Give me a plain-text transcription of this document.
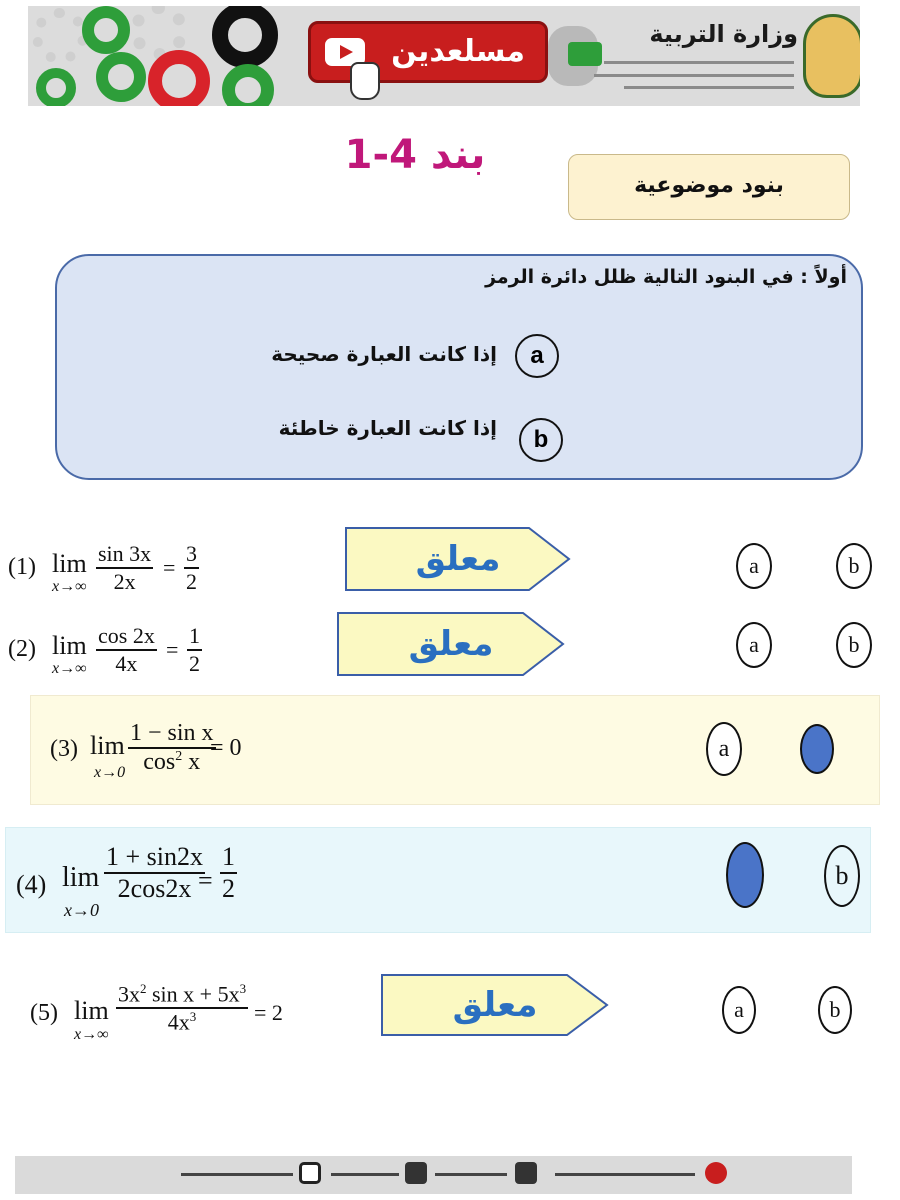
مسلعدين	وزارة التربية
بند 4-1
بنود موضوعية
أولاً : في البنود التالية ظلل دائرة الرمز
a
إذا كانت العبارة صحيحة
b
إذا كانت العبارة خاطئة
(1) lim
x→∞
sin 3x
2x
=
3
2
معلق	a	b
(2) lim
x→∞
cos 2x
4x
=
1
2	معلق	a	b
(3) lim
x→0
1 − sin x
$\cos^2 x$
= 0	a
(4) lim
x→0
1 + sin2x
2cos2x =
1
2	b
(5) lim
x→∞
$3x^2$ $\sin x + 5x^3$
$4x^3$	= 2	معلق	a	b
